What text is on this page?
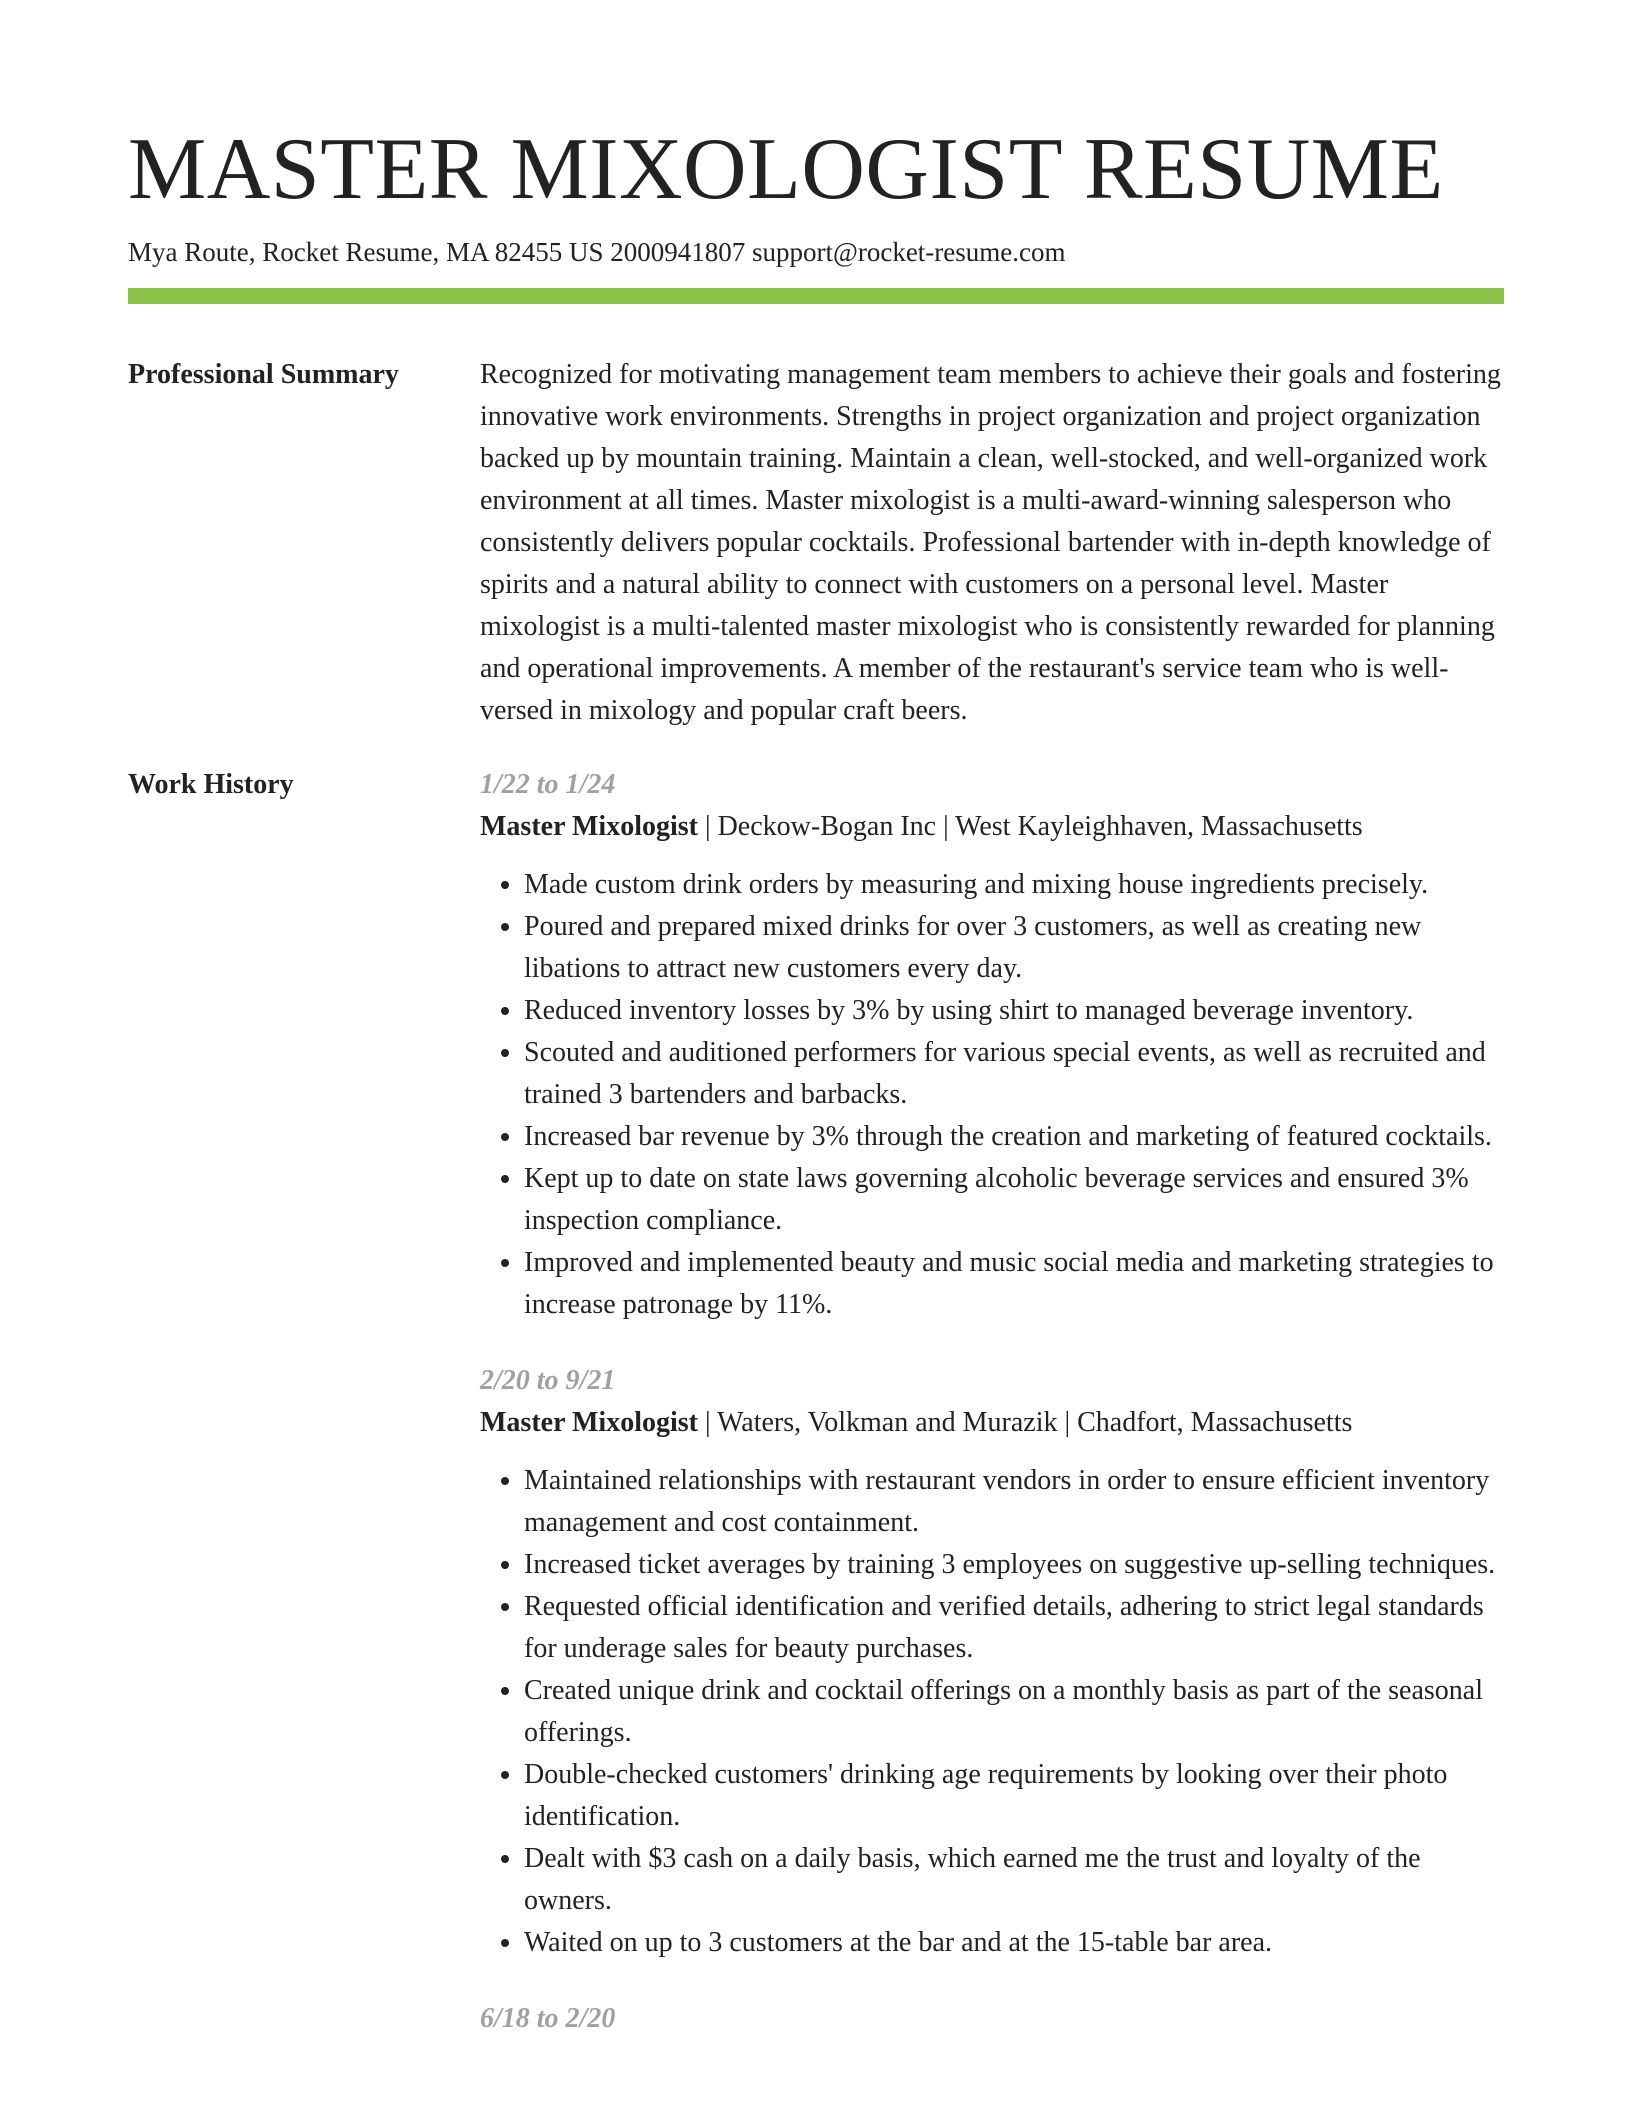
MASTER MIXOLOGIST RESUME
Mya Route, Rocket Resume, MA 82455 US 2000941807 support@rocket-resume.com
Professional Summary	Recognized for motivating management team members to achieve their goals and fostering innovative work environments. Strengths in project organization and project organization backed up by mountain training. Maintain a clean, well-stocked, and well-organized work environment at all times. Master mixologist is a multi-award-winning salesperson who consistently delivers popular cocktails. Professional bartender with in-depth knowledge of spirits and a natural ability to connect with customers on a personal level. Master mixologist is a multi-talented master mixologist who is consistently rewarded for planning and operational improvements. A member of the restaurant's service team who is well-versed in mixology and popular craft beers.

Work History	1/22 to 1/24
Master Mixologist | Deckow-Bogan Inc | West Kayleighhaven, Massachusetts
• Made custom drink orders by measuring and mixing house ingredients precisely.
• Poured and prepared mixed drinks for over 3 customers, as well as creating new libations to attract new customers every day.
• Reduced inventory losses by 3% by using shirt to managed beverage inventory.
• Scouted and auditioned performers for various special events, as well as recruited and trained 3 bartenders and barbacks.
• Increased bar revenue by 3% through the creation and marketing of featured cocktails.
• Kept up to date on state laws governing alcoholic beverage services and ensured 3% inspection compliance.
• Improved and implemented beauty and music social media and marketing strategies to increase patronage by 11%.
2/20 to 9/21
Master Mixologist | Waters, Volkman and Murazik | Chadfort, Massachusetts
• Maintained relationships with restaurant vendors in order to ensure efficient inventory management and cost containment.
• Increased ticket averages by training 3 employees on suggestive up-selling techniques.
• Requested official identification and verified details, adhering to strict legal standards for underage sales for beauty purchases.
• Created unique drink and cocktail offerings on a monthly basis as part of the seasonal offerings.
• Double-checked customers' drinking age requirements by looking over their photo identification.
• Dealt with $3 cash on a daily basis, which earned me the trust and loyalty of the owners.
• Waited on up to 3 customers at the bar and at the 15-table bar area.
6/18 to 2/20
